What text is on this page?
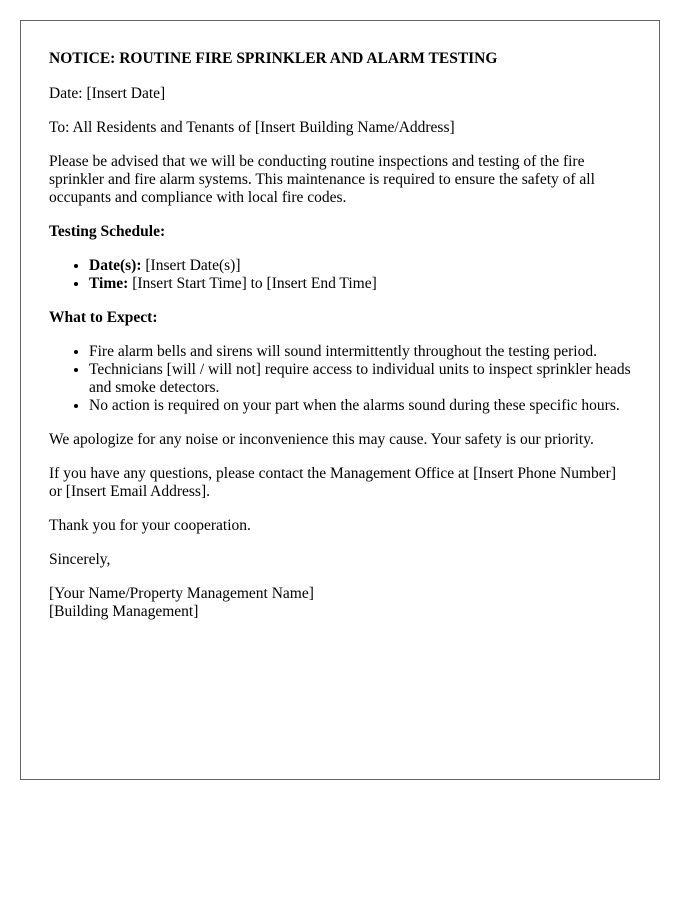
NOTICE: ROUTINE FIRE SPRINKLER AND ALARM TESTING

Date: [Insert Date]

To: All Residents and Tenants of [Insert Building Name/Address]

Please be advised that we will be conducting routine inspections and testing of the fire sprinkler and fire alarm systems. This maintenance is required to ensure the safety of all occupants and compliance with local fire codes.

Testing Schedule:
• Date(s): [Insert Date(s)]
• Time: [Insert Start Time] to [Insert End Time]
What to Expect:
• Fire alarm bells and sirens will sound intermittently throughout the testing period.
• Technicians [will / will not] require access to individual units to inspect sprinkler heads and smoke detectors.
• No action is required on your part when the alarms sound during these specific hours.

We apologize for any noise or inconvenience this may cause. Your safety is our priority.

If you have any questions, please contact the Management Office at [Insert Phone Number] or [Insert Email Address].

Thank you for your cooperation.

Sincerely,

[Your Name/Property Management Name]

[Building Management]
